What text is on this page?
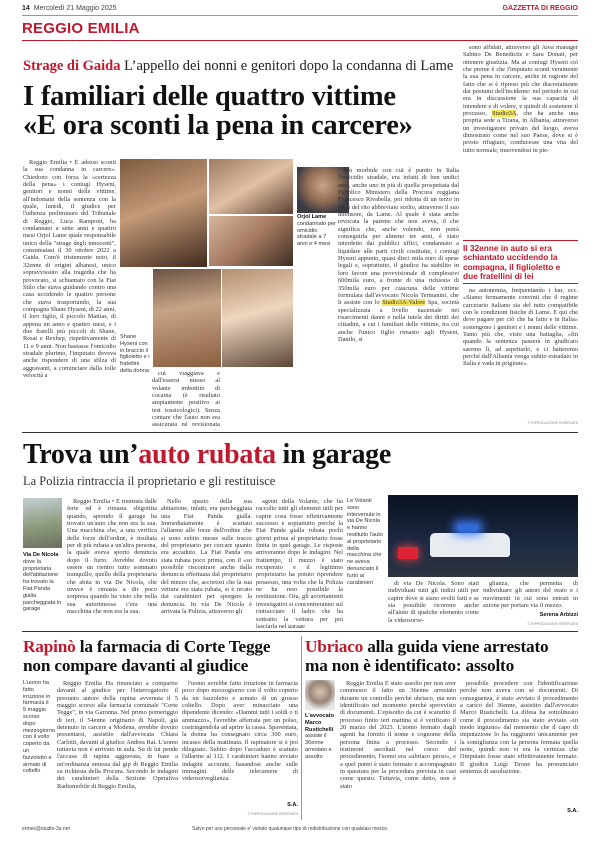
14 Mercoledì 21 Maggio 2025	GAZZETTA DI REGGIO
REGGIO EMILIA
Strage di Gaida L’appello dei nonni e genitori dopo la condanna di Lame
I familiari delle quattro vittime
«E ora sconti la pena in carcere»

Reggio Emilia • È adesso sconti la sua condanna in carcere». Chiedono con forza la «certezza della pena» i coniugi Hyseni, genitori e nonni delle vittime, all'indomani della sentenza con la quale, lunedì, il giudice per l'udienza preliminare del Tribunale di Reggio, Luca Ramponi, ha condannato a sette anni e quattro mesi Orjol Lame quale responsabile unico della "strage degli innocenti", consumatasi il 30 ottobre 2022 a Gaida. Com'è tristemente noto, il 32enne di origini albanesi, unico sopravvissuto alla tragedia che ha provocato, si schiantato con la Fiat Stilo che stava guidando contro una casa uccidendo le quattro persone che stava trasportando, la sua compagna Shane Hyseni, di 22 anni, il loro figlio, il piccolo Mattias, di appena un anno e quattro mesi, e i due fratelli più piccoli di Shane, Resat e Rexhep, rispettivamente di 11 e 9 anni. Non bastasse l'omicidio stradale plurimo, l'imputato doveva anche rispondere di una sfilza di aggravanti, a cominciare dalla folle velocità a

Shane Hyseni con in braccio il figlioletto e i fratellini della donna	cui viaggiava e dall'essersi messo al volante imbottito di cocaina (è risultato ampiamente positivo ai test tossicologici). Senza contare che l'auto non era assicurata né revisionata

Orjol Lame
condannato per omicidio stradale a 7 anni e 4 mesi

più morbide con cui è punito in Italia l'omicidio stradale, era infatti di ben undici anni, anche uno in più di quella prospettata dal Pubblico Ministero della Procura reggiana Francesco Rivabella, poi ridotta di un terzo in virtù del rito abbreviato scelto, attraverso il suo difensore, da Lame. Al quale è stata anche revocata la patente che non aveva, il che significa che, anche volendo, non potrà conseguirla per almeno tre anni, è stato interdetto dai pubblici uffici, condannato a liquidare alle parti civili costituite, i coniugi Hyseni appunto, quasi dieci mila euro di spese legali e, soprattutto, il giudice ha stabilito in loro favore una provvisionale di complessivi 600mila euro, a fronte di una richiesta di 350mila euro per ciascuna delle vittime formulata dall'avvocato Nicola Termanini, che li assiste con lo Studio3A-Valore Spa, società specializzata a livello nazionale nei risarcimenti danni e nella tutela dei diritti dei cittadini, a cui i familiari delle vittime, tra cui anche l'unico figlio rimasto agli Hyseni, Danilo, si

sono affidati, attraverso gli Area manager Sabino De Benedictis e Sara Donati, per ottenere giustizia. Ma ai coniugi Hyseni ciò che preme è che l'imputato sconti veramente la sua pena in carcere, anche in ragione del fatto che si è ripreso più che discretamente dai postumi dell'incidente: nel periodo in cui era in discussione la sua capacità di intendere e di volere, e quindi di sostenere il processo, Studio3A, che ha anche una propria sede a Tirana, in Albania, attraverso un investigatore privato del luogo, aveva dimostrato come nel suo Paese, dove si è presto rifugiato, conducesse una vita del tutto normale, muovendosi in pie-

Il 32enne in auto si era schiantato uccidendo la compagna, il figlioletto e due fratellini di lei

na autonomia, frequentando i bar, ecc. «Siamo fermamente convinti che il regime carcerario italiano sia del tutto compatibile con le condizioni fisiche di Lame. E qui che deve pagare per ciò che ha fatto e in Italia» sostengono i genitori e i nonni delle vittime. Tanto più che, visto una battaglia, «fin quando la sentenza passerà in giudicato saremo lì, ad aspettarlo, e ci batteremo perché dall'Albania venga subito estradato in Italia e vada in prigione».

© RIPRODUZIONE RISERVATA
Trova un’auto rubata in garage
La Polizia rintraccia il proprietario e gli restituisce
Via De Nicola
dove la proprietaria dell'abitazione ha trovato la Fiat Panda gialla parcheggiata in garage

Reggio Emilia • È rientrata dalle ferie ed è rimasta sbigottita quando, aprendo il garage ha trovato un'auto che non era la sua. Una macchina che, a una verifica delle forze dell'ordine, è risultata per di più rubata a un'altra persona, la quale aveva sporto denuncia dopo il furto. Avrebbe dovuto essere un rientro tutto sommato tranquillo, quello della proprietaria che abita in via De Nicola, che invece è rimasta a dir poco sorpresa quando ha visto che nella sua autorimessa c'era una macchina che non era la sua.

Nello spazio della sua abitazione, infatti, era parcheggiata una Fiat Panda gialla. Immediatamente è scattato l'allarme alle forze dell'ordine che si sono subito messe sulle tracce del proprietario per cercare quanto era accaduto. La Fiat Panda era stata rubata poco prima, con il «so possibile riscontrare anche dalla denuncia effettuata dal proprietario del mezzo che, accortosi che la sua vettura era stata rubata, si è recato dai carabinieri per sporgere la denuncia. In via De Nicola è arrivata la Polizia, attraverso gli

agenti della Volante, che ha raccolto tutti gli elementi utili per capire cosa fosse effettivamente successo e soprattutto perché la Fiat Panda gialla rubata pochi giorni prima al proprietario fosse finita in quel garage. Le risposte arriveranno dopo le indagini. Nel frattempo, il mezzo è stato recuperato e il legittimo proprietario ha potuto riprendere possesso, una volta che la Polizia ne ha reso possibile la restituzione. Ora, gli accertamenti investigativi si concentreranno sul rintracciare il ladro che ha sottratto la vettura per poi lasciarla nel garage

Le Volanti sono intervenute in via De Nicola e hanno restituito l'auto al proprietario della macchina che ne aveva denunciato il furto ai carabinieri	di via De Nicola. Sono stati individuati tutti gli indizi utili per capire dove si siano svolti fatti e se sia possibile ricorrere anche all'aiuto di qualche elemento come la videosorve-

glianza, che permetta di individuare gli autori del reato e i movimenti in cui sono entrati in azione per portare via il mezzo.

Serena Arbizzi
© RIPRODUZIONE RISERVATA
Rapinò la farmacia di Corte Tegge
non compare davanti al giudice
L'uomo ha fatto irruzione in farmacia il 5 maggio scorso dopo mezzogiorno con il volto coperto da un fazzoletto e armato di coltello

Reggio Emilia Ha rinunciato a comparire davanti al giudice per l'interrogatorio il presunto autore della rapina avvenuta il 5 maggio scorso alla farmacia comunale "Corte Tegge", in via Garonna. Nel primo pomeriggio di ieri, il 54enne originario di Napoli, già detenuto in carcere a Modena, avrebbe dovuto presentarsi, assistito dall'avvocata Chiara Carlotti, davanti al giudice Andrea Rat. L'uomo tuttavia non è arrivato in aula. Su di lui pende l'accusa di rapina aggravata, in base a un'ordinanza emessa dal gip di Reggio Emilia su richiesta della Procura. Secondo le indagini dei carabinieri della Sezione Operativa Radiomobile di Reggio Emilia,

l'uomo avrebbe fatto irruzione in farmacia poco dopo mezzogiorno con il volto coperto da un fazzoletto e armato di un grosso coltello. Dopo aver minacciato una dipendente dicendo: «Dammi tutti i soldi o ti ammazzo», l'avrebbe afferrata per un polso, costringendola ad aprire la cassa. Spaventata, la donna ha consegnato circa 300 euro, incasso della mattinata. Il rapinatore si è poi dileguato. Subito dopo l'accaduto è scattato l'allarme al 112. I carabinieri hanno avviato indagini accurate, basandosi anche sulle immagini delle telecamere di videosorveglianza.

S.A.
© RIPRODUZIONE RISERVATA
Ubriaco alla guida viene arrestato
ma non è identificato: assolto
L'avvocato Marco Rustichelli
assiste il 36enne arrestato e assolto

Reggio Emilia È stato assolto per non aver commesso il fatto un 36enne arrestato durante un controllo perché ubriaco, ma non identificato nel momento perché sprovvisto di documenti. L'episodio da cui è scaturito il processo finito ieri mattina si è verificato il 20 marzo del 2023. L'uomo fermato dagli agenti ha fornito il nome e cognome della persona finita a processo. Secondo i testimoni ascoltati nel corso del procedimento, l'uomo era «ubriaco perso», e a quel punto è stato fermato e accompagnato in questura per la procedura prevista in casi come questo. Tuttavia, come detto, non è stato

possibile procedere con l'identificazione perché non aveva con sé documenti. Di conseguenza, è stato avviato il procedimento a carico del 36enne, assistito dall'avvocato Marco Rustichelli. La difesa ha sottolineato come il procedimento sia stato avviato «in modo ingiusto» dal momento che il capo di imputazione lo ha raggiunto unicamente per la somiglianza con la persona fermata quella notte, quindi non vi era la certezza che l'imputato fosse stato effettivamente fermato. Il giudice Luigi Tirone ha pronunciato sentenza di assoluzione.

S.A.
ermes@studio-3a.net	Salvo per uso personale e' vietato qualunque tipo di redistribuzione con qualsiasi mezzo.
